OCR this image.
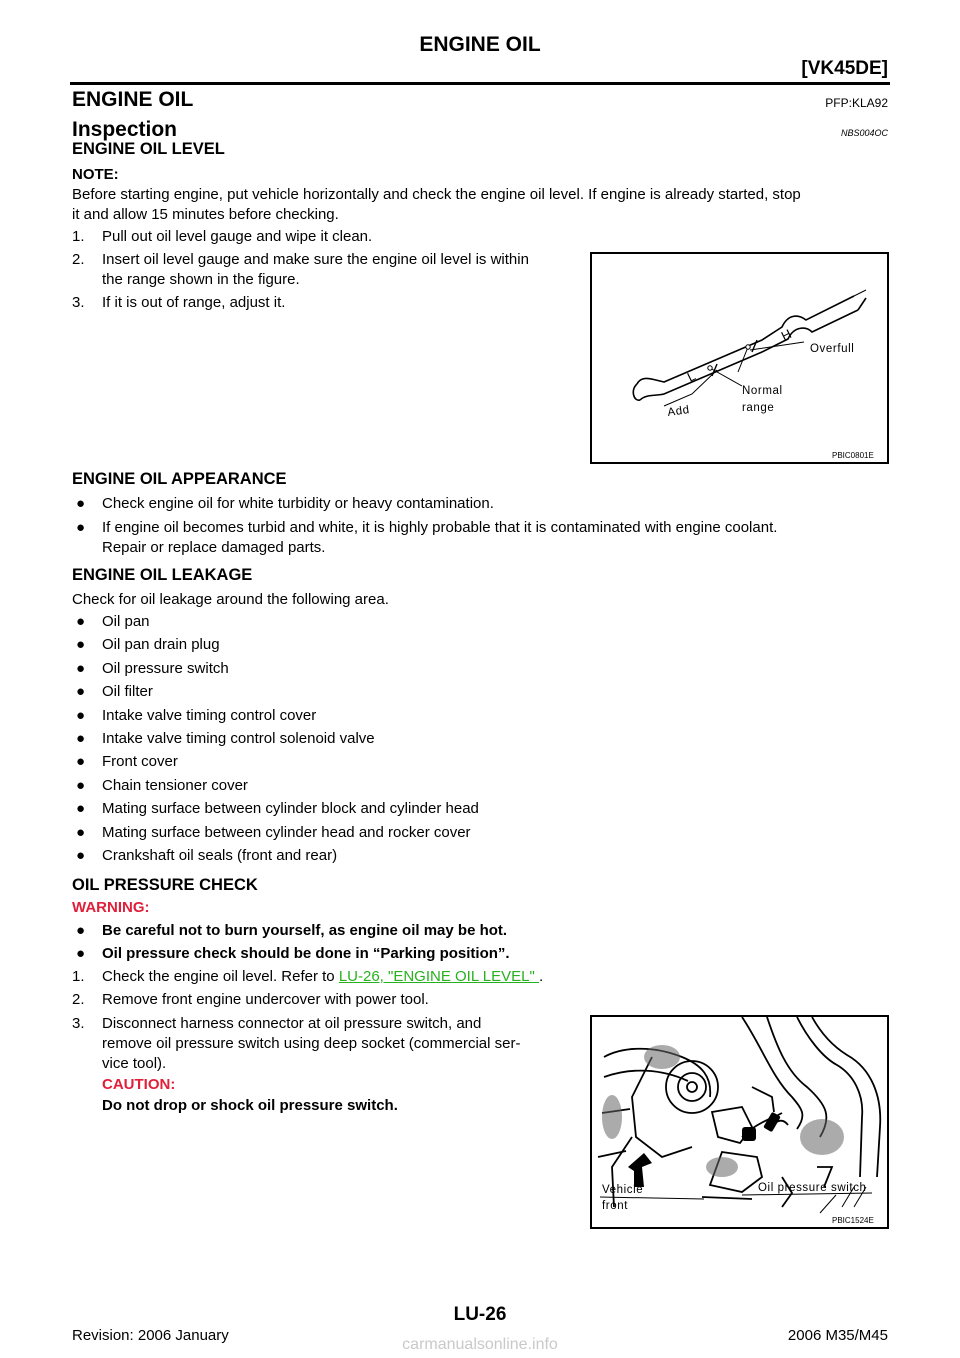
ENGINE OIL
[VK45DE]
ENGINE OIL	PFP:KLA92
Inspection	NBS004OC
ENGINE OIL LEVEL
NOTE:
Before starting engine, put vehicle horizontally and check the engine oil level. If engine is already started, stop
it and allow 15 minutes before checking.
1. Pull out oil level gauge and wipe it clean.
2. Insert oil level gauge and make sure the engine oil level is within
the range shown in the figure.
3. If it is out of range, adjust it.
L
H
Overfull
Normal
range
Add
PBIC0801E
ENGINE OIL APPEARANCE
● Check engine oil for white turbidity or heavy contamination.
● If engine oil becomes turbid and white, it is highly probable that it is contaminated with engine coolant.
Repair or replace damaged parts.
ENGINE OIL LEAKAGE
Check for oil leakage around the following area.
● Oil pan
● Oil pan drain plug
● Oil pressure switch
● Oil filter
● Intake valve timing control cover
● Intake valve timing control solenoid valve
● Front cover
● Chain tensioner cover
● Mating surface between cylinder block and cylinder head
● Mating surface between cylinder head and rocker cover
● Crankshaft oil seals (front and rear)
OIL PRESSURE CHECK
WARNING:
● Be careful not to burn yourself, as engine oil may be hot.
● Oil pressure check should be done in “Parking position”.
1. Check the engine oil level. Refer to LU-26, "ENGINE OIL LEVEL" .
2. Remove front engine undercover with power tool.
3. Disconnect harness connector at oil pressure switch, and
remove oil pressure switch using deep socket (commercial ser-
vice tool).
CAUTION:
Do not drop or shock oil pressure switch.
Vehicle
front
Oil pressure switch
PBIC1524E
LU-26
Revision: 2006 January	2006 M35/M45
carmanualsonline.info
